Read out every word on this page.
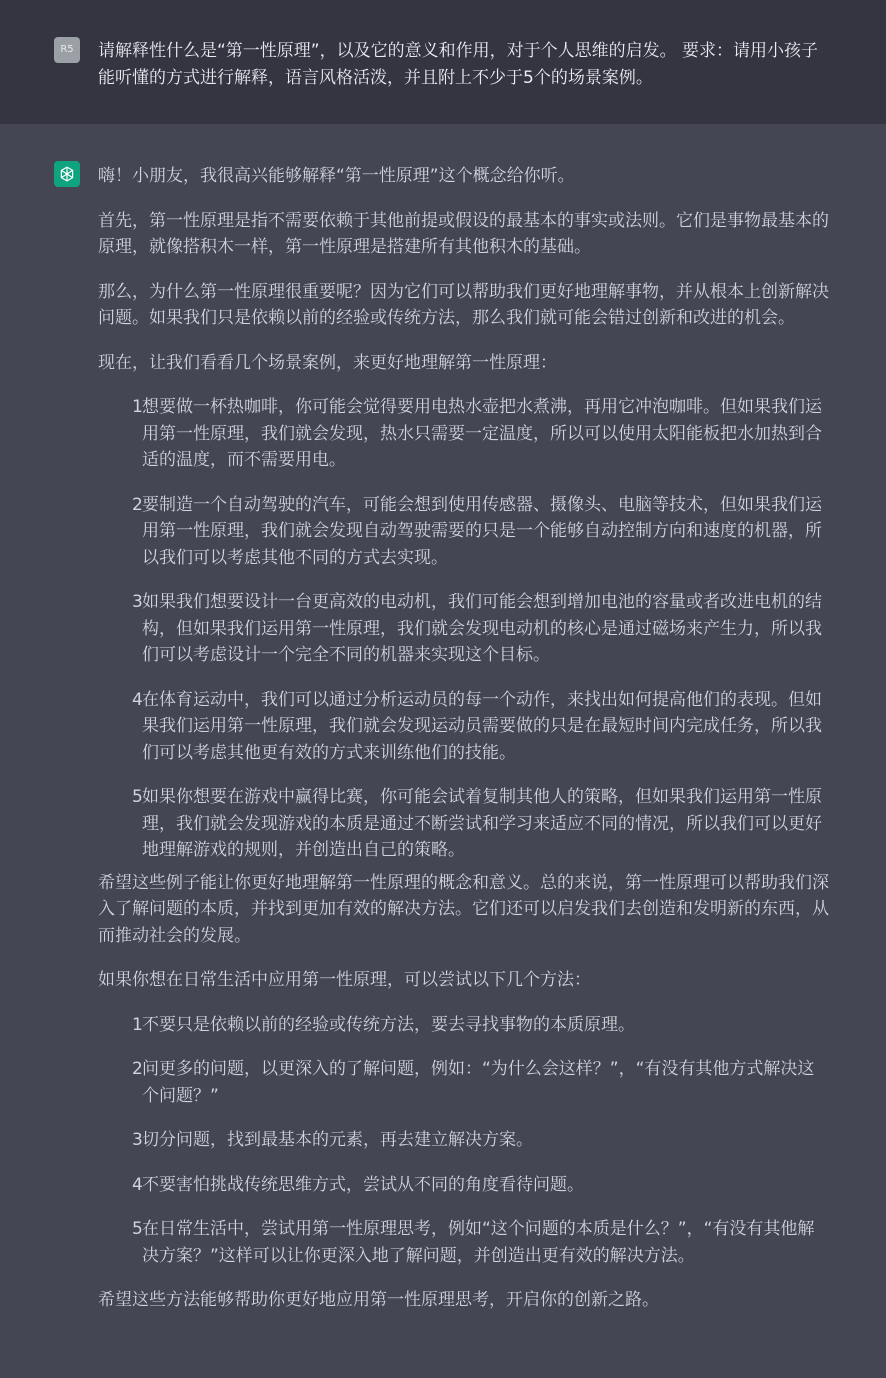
R5	请解释性什么是“第一性原理”，以及它的意义和作用，对于个人思维的启发。 要求：请用小孩子能听懂的方式进行解释，语言风格活泼，并且附上不少于5个的场景案例。

嗨！小朋友，我很高兴能够解释“第一性原理”这个概念给你听。

首先，第一性原理是指不需要依赖于其他前提或假设的最基本的事实或法则。它们是事物最基本的原理，就像搭积木一样，第一性原理是搭建所有其他积木的基础。

那么，为什么第一性原理很重要呢？因为它们可以帮助我们更好地理解事物，并从根本上创新解决问题。如果我们只是依赖以前的经验或传统方法，那么我们就可能会错过创新和改进的机会。

现在，让我们看看几个场景案例，来更好地理解第一性原理：

1 想要做一杯热咖啡，你可能会觉得要用电热水壶把水煮沸，再用它冲泡咖啡。但如果我们运用第一性原理，我们就会发现，热水只需要一定温度，所以可以使用太阳能板把水加热到合适的温度，而不需要用电。
2 要制造一个自动驾驶的汽车，可能会想到使用传感器、摄像头、电脑等技术，但如果我们运用第一性原理，我们就会发现自动驾驶需要的只是一个能够自动控制方向和速度的机器，所以我们可以考虑其他不同的方式去实现。
3 如果我们想要设计一台更高效的电动机，我们可能会想到增加电池的容量或者改进电机的结构，但如果我们运用第一性原理，我们就会发现电动机的核心是通过磁场来产生力，所以我们可以考虑设计一个完全不同的机器来实现这个目标。
4 在体育运动中，我们可以通过分析运动员的每一个动作，来找出如何提高他们的表现。但如果我们运用第一性原理，我们就会发现运动员需要做的只是在最短时间内完成任务，所以我们可以考虑其他更有效的方式来训练他们的技能。
5 如果你想要在游戏中赢得比赛，你可能会试着复制其他人的策略，但如果我们运用第一性原理，我们就会发现游戏的本质是通过不断尝试和学习来适应不同的情况，所以我们可以更好地理解游戏的规则，并创造出自己的策略。

希望这些例子能让你更好地理解第一性原理的概念和意义。总的来说，第一性原理可以帮助我们深入了解问题的本质，并找到更加有效的解决方法。它们还可以启发我们去创造和发明新的东西，从而推动社会的发展。

如果你想在日常生活中应用第一性原理，可以尝试以下几个方法：

1 不要只是依赖以前的经验或传统方法，要去寻找事物的本质原理。
2 问更多的问题，以更深入的了解问题，例如：“为什么会这样？”，“有没有其他方式解决这个问题？”
3 切分问题，找到最基本的元素，再去建立解决方案。
4 不要害怕挑战传统思维方式，尝试从不同的角度看待问题。
5 在日常生活中，尝试用第一性原理思考，例如“这个问题的本质是什么？”，“有没有其他解决方案？”这样可以让你更深入地了解问题，并创造出更有效的解决方法。

希望这些方法能够帮助你更好地应用第一性原理思考，开启你的创新之路。
